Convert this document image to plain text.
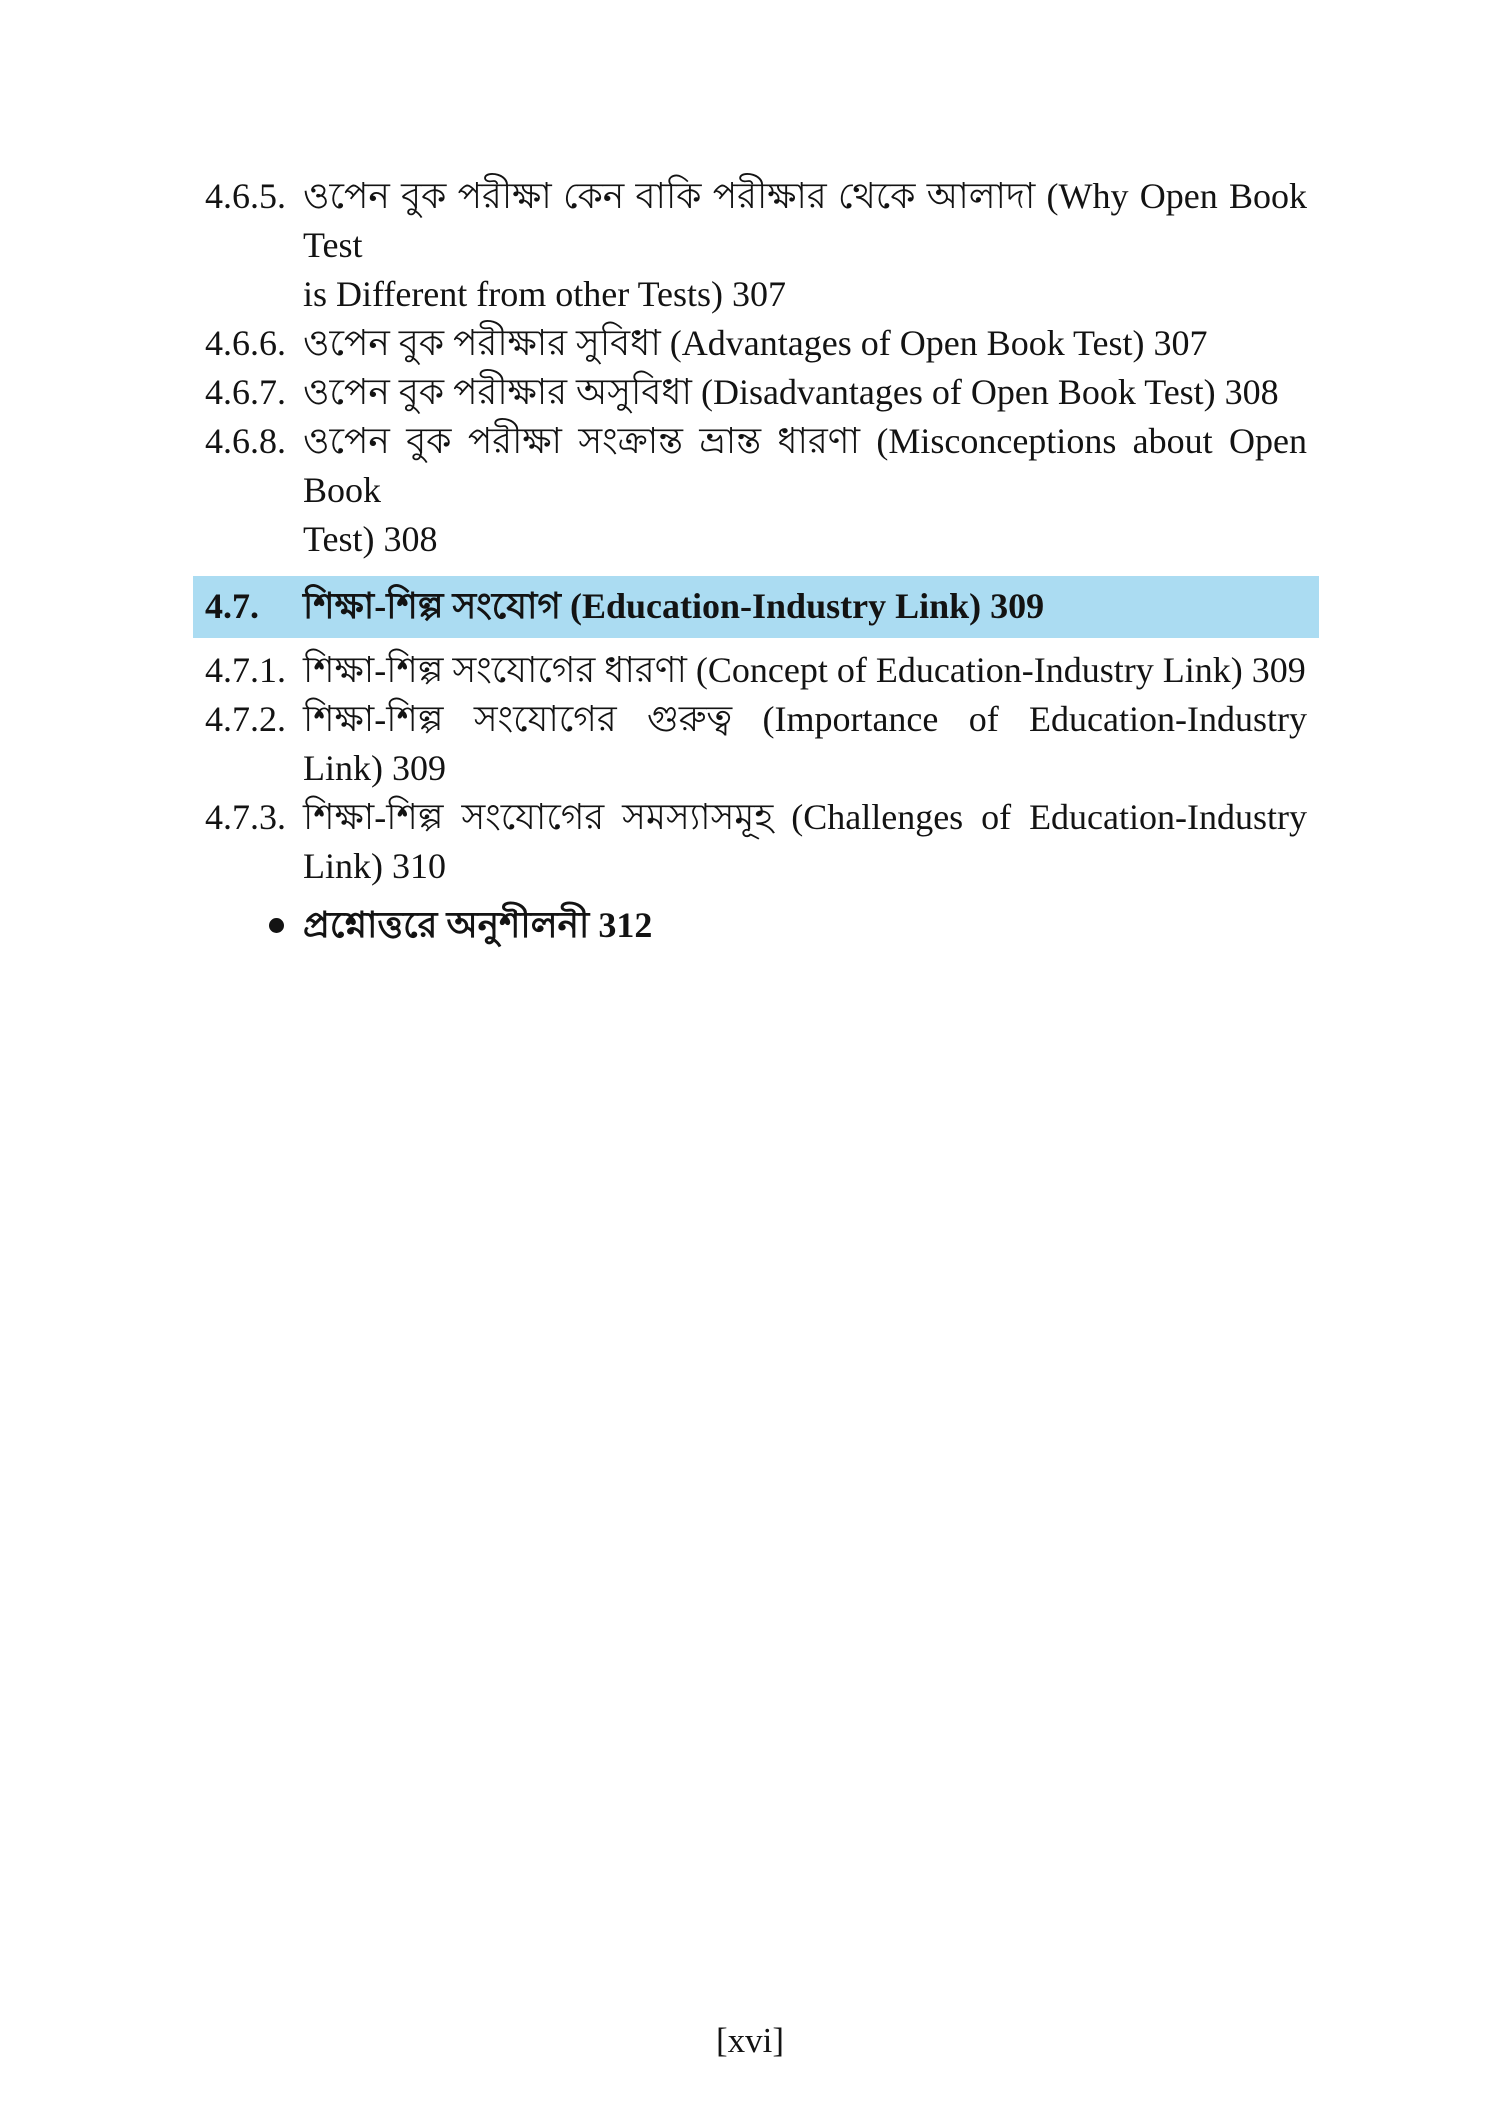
4.6.5. ওপেন বুক পরীক্ষা কেন বাকি পরীক্ষার থেকে আলাদা (Why Open Book Test
is Different from other Tests) 307
4.6.6. ওপেন বুক পরীক্ষার সুবিধা (Advantages of Open Book Test) 307
4.6.7. ওপেন বুক পরীক্ষার অসুবিধা (Disadvantages of Open Book Test) 308
4.6.8. ওপেন বুক পরীক্ষা সংক্রান্ত ভ্রান্ত ধারণা (Misconceptions about Open Book
Test) 308
4.7. শিক্ষা-শিল্প সংযোগ (Education-Industry Link) 309
4.7.1. শিক্ষা-শিল্প সংযোগের ধারণা (Concept of Education-Industry Link) 309
4.7.2. শিক্ষা-শিল্প সংযোগের গুরুত্ব (Importance of Education-Industry
Link) 309
4.7.3. শিক্ষা-শিল্প সংযোগের সমস্যাসমূহ (Challenges of Education-Industry
Link) 310
প্রশ্নোত্তরে অনুশীলনী 312
[xvi]
